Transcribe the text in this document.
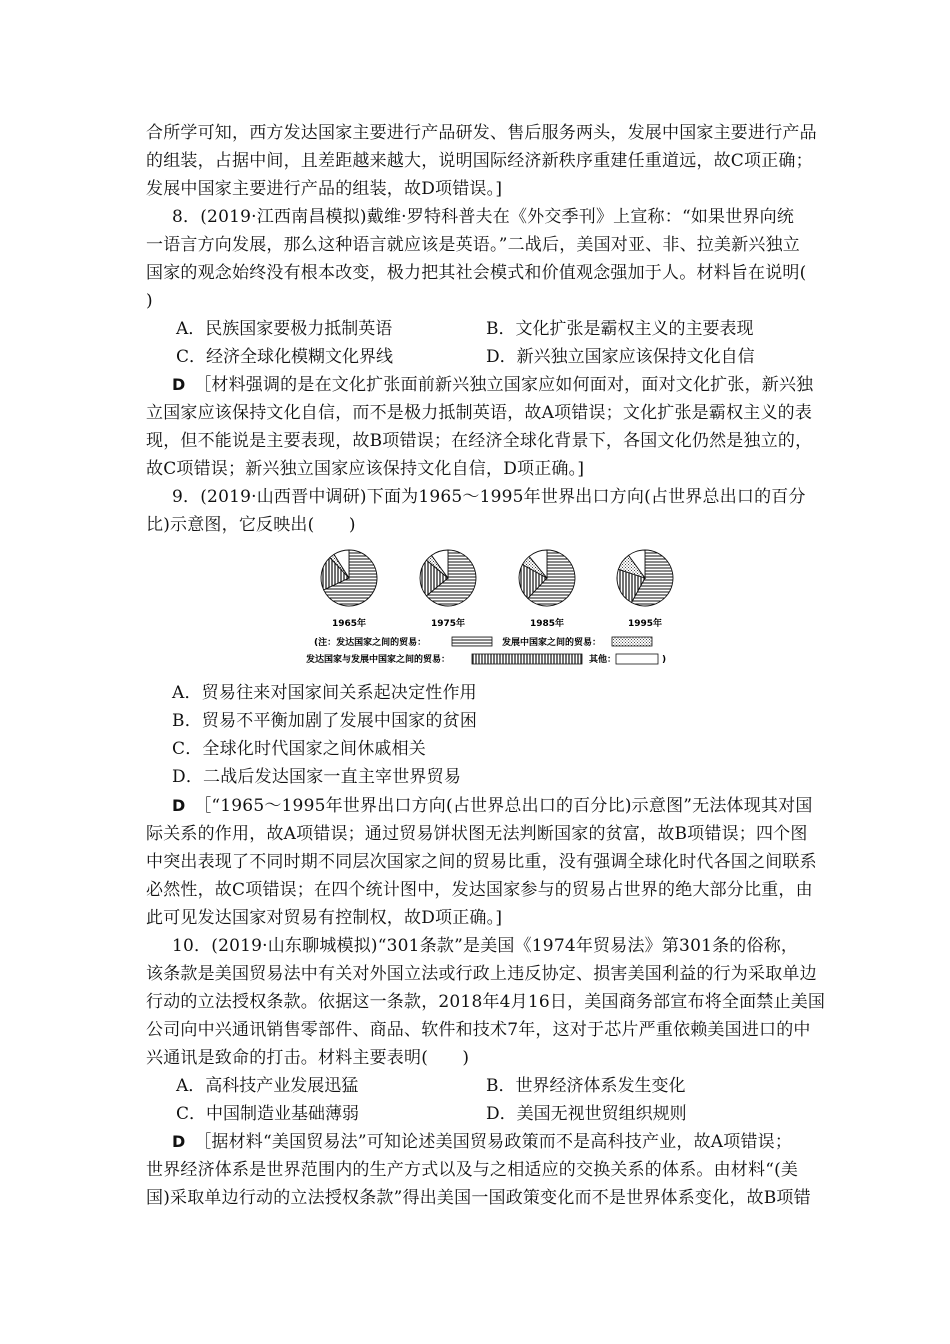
合所学可知，西方发达国家主要进行产品研发、售后服务两头，发展中国家主要进行产品
的组装，占据中间，且差距越来越大，说明国际经济新秩序重建任重道远，故C项正确；
发展中国家主要进行产品的组装，故D项错误。]
8．(2019·江西南昌模拟)戴维·罗特科普夫在《外交季刊》上宣称：“如果世界向统
一语言方向发展，那么这种语言就应该是英语。”二战后，美国对亚、非、拉美新兴独立
国家的观念始终没有根本改变，极力把其社会模式和价值观念强加于人。材料旨在说明(
)
A．民族国家要极力抵制英语	B．文化扩张是霸权主义的主要表现
C．经济全球化模糊文化界线	D．新兴独立国家应该保持文化自信
D　 ［材料强调的是在文化扩张面前新兴独立国家应如何面对，面对文化扩张，新兴独
立国家应该保持文化自信，而不是极力抵制英语，故A项错误；文化扩张是霸权主义的表
现，但不能说是主要表现，故B项错误；在经济全球化背景下，各国文化仍然是独立的，
故C项错误；新兴独立国家应该保持文化自信，D项正确。]
9．(2019·山西晋中调研)下面为1965～1995年世界出口方向(占世界总出口的百分
比)示意图，它反映出(　　)
1965年	1975年	1985年	1995年
(注：发达国家之间的贸易：	发展中国家之间的贸易：
发达国家与发展中国家之间的贸易：	其他：	)
A．贸易往来对国家间关系起决定性作用
B．贸易不平衡加剧了发展中国家的贫困
C．全球化时代国家之间休戚相关
D．二战后发达国家一直主宰世界贸易
D　 ［“1965～1995年世界出口方向(占世界总出口的百分比)示意图”无法体现其对国
际关系的作用，故A项错误；通过贸易饼状图无法判断国家的贫富，故B项错误；四个图
中突出表现了不同时期不同层次国家之间的贸易比重，没有强调全球化时代各国之间联系
必然性，故C项错误；在四个统计图中，发达国家参与的贸易占世界的绝大部分比重，由
此可见发达国家对贸易有控制权，故D项正确。]
10．(2019·山东聊城模拟)“301条款”是美国《1974年贸易法》第301条的俗称，
该条款是美国贸易法中有关对外国立法或行政上违反协定、损害美国利益的行为采取单边
行动的立法授权条款。依据这一条款，2018年4月16日，美国商务部宣布将全面禁止美国
公司向中兴通讯销售零部件、商品、软件和技术7年，这对于芯片严重依赖美国进口的中
兴通讯是致命的打击。材料主要表明(　　)
A．高科技产业发展迅猛	B．世界经济体系发生变化
C．中国制造业基础薄弱	D．美国无视世贸组织规则
D　 ［据材料“美国贸易法”可知论述美国贸易政策而不是高科技产业，故A项错误；
世界经济体系是世界范围内的生产方式以及与之相适应的交换关系的体系。由材料“(美
国)采取单边行动的立法授权条款”得出美国一国政策变化而不是世界体系变化，故B项错
